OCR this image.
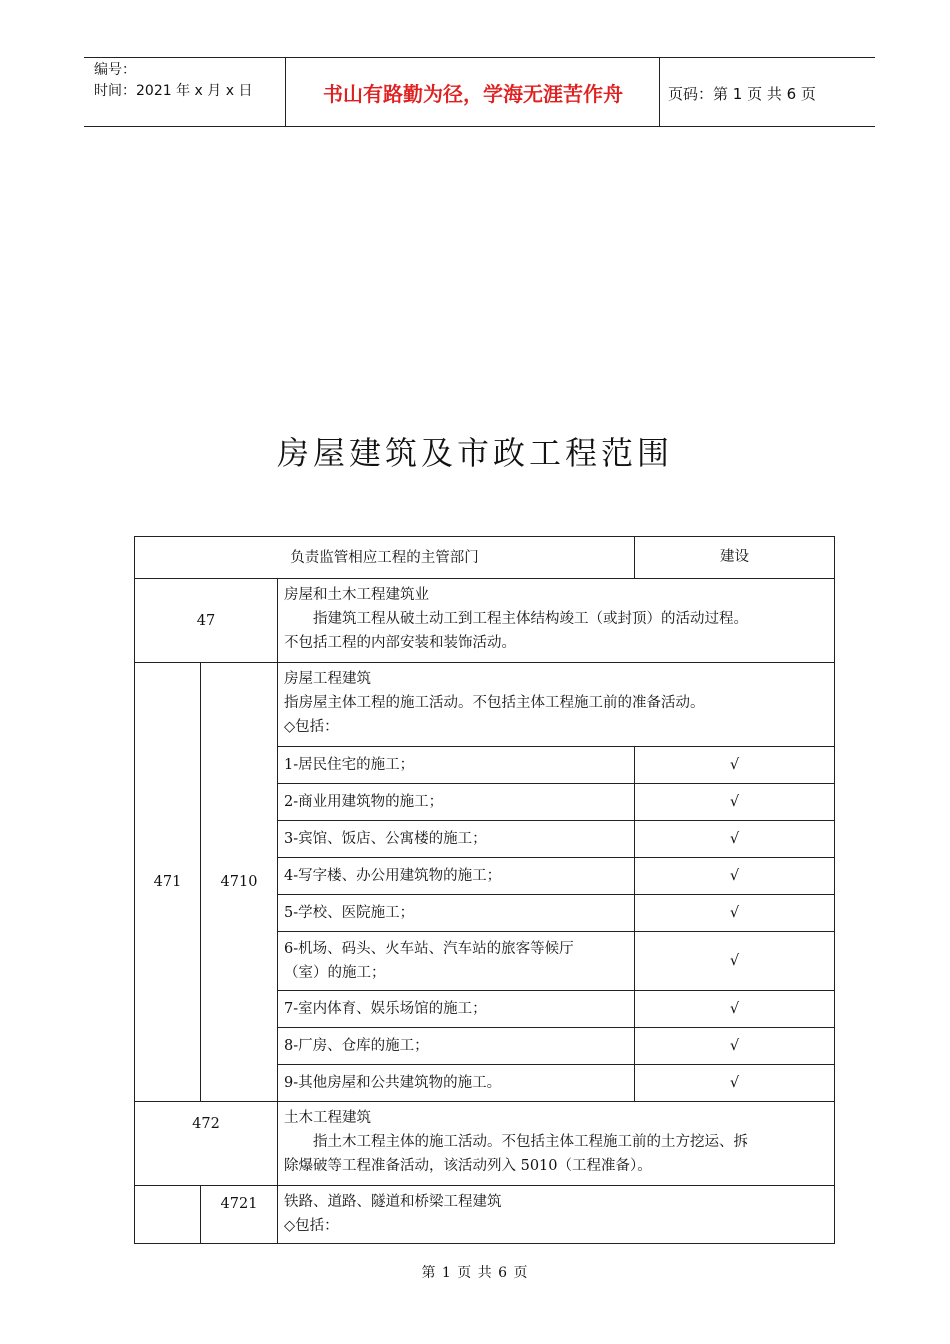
编号：
时间：2021 年 x 月 x 日	书山有路勤为径，学海无涯苦作舟	页码：第 1 页 共 6 页
房屋建筑及市政工程范围
负责监管相应工程的主管部门			建设
47		房屋和土木工程建筑业
指建筑工程从破土动工到工程主体结构竣工（或封顶）的活动过程。
不包括工程的内部安装和装饰活动。	

471	4710	房屋工程建筑
指房屋主体工程的施工活动。不包括主体工程施工前的准备活动。
◇包括：	

		1-居民住宅的施工；	√
		2-商业用建筑物的施工；	√
		3-宾馆、饭店、公寓楼的施工；	√
		4-写字楼、办公用建筑物的施工；	√
		5-学校、医院施工；	√

		6-机场、码头、火车站、汽车站的旅客等候厅
（室）的施工；	√
		7-室内体育、娱乐场馆的施工；	√
		8-厂房、仓库的施工；	√
		9-其他房屋和公共建筑物的施工。	√
472		土木工程建筑
指土木工程主体的施工活动。不包括主体工程施工前的土方挖运、拆
除爆破等工程准备活动，该活动列入 5010（工程准备）。	

	4721	铁路、道路、隧道和桥梁工程建筑
◇包括：	
第 1 页 共 6 页
